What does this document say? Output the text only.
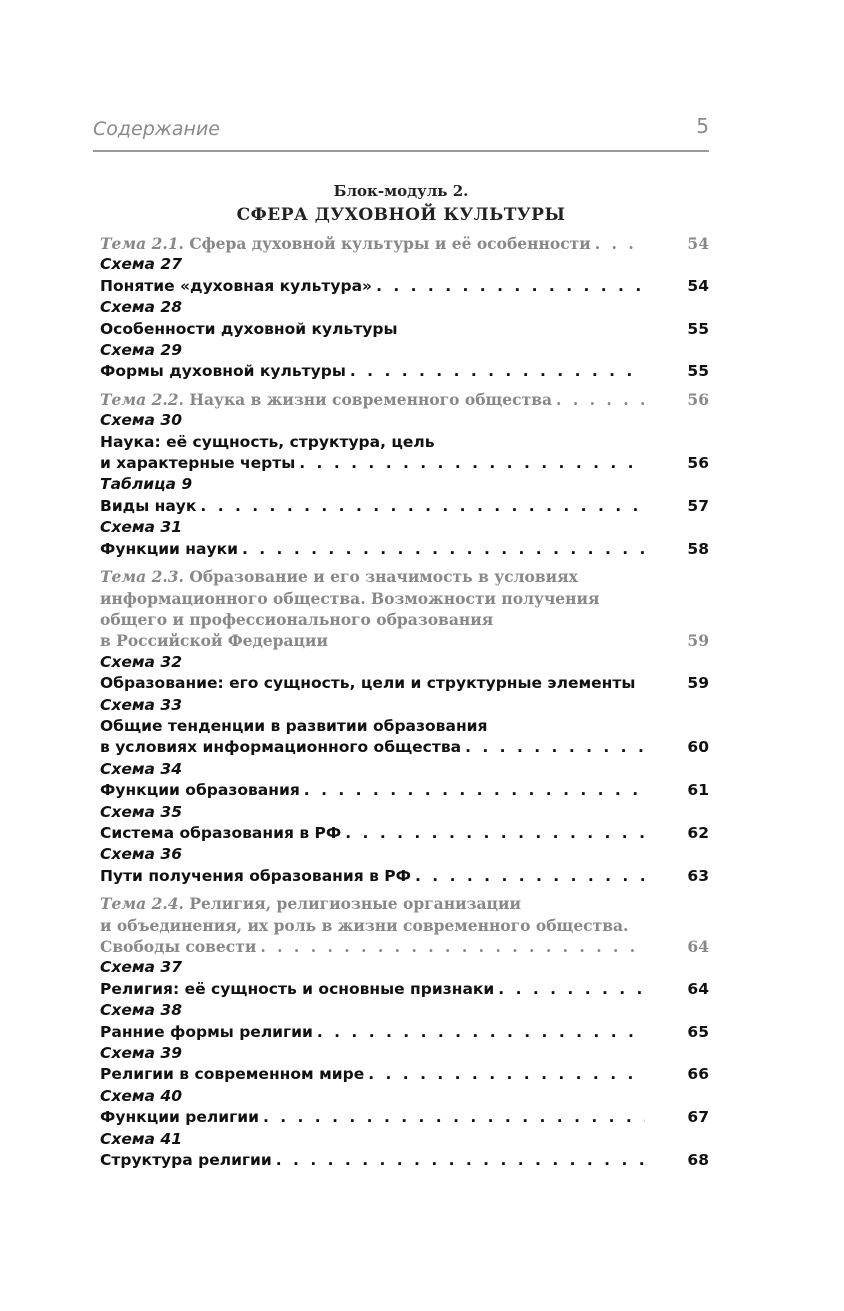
Содержание	5
Блок-модуль 2.
СФЕРА ДУХОВНОЙ КУЛЬТУРЫ
Тема 2.1. Сфера духовной культуры и её особенности . . .	54
Схема 27
Понятие «духовная культура» . . .	54
Схема 28
Особенности духовной культуры	55
Схема 29
Формы духовной культуры . . .	55
Тема 2.2. Наука в жизни современного общества . . .	56
Схема 30
Наука: её сущность, структура, цель
и характерные черты . . .	56
Таблица 9
Виды наук . . .	57
Схема 31
Функции науки . . .	58
Тема 2.3. Образование и его значимость в условиях
информационного общества. Возможности получения
общего и профессионального образования
в Российской Федерации	59
Схема 32
Образование: его сущность, цели и структурные элементы	59
Схема 33
Общие тенденции в развитии образования
в условиях информационного общества . . .	60
Схема 34
Функции образования . . .	61
Схема 35
Система образования в РФ . . .	62
Схема 36
Пути получения образования в РФ . . .	63
Тема 2.4. Религия, религиозные организации
и объединения, их роль в жизни современного общества.
Свободы совести . . .	64
Схема 37
Религия: её сущность и основные признаки . . .	64
Схема 38
Ранние формы религии . . .	65
Схема 39
Религии в современном мире . . .	66
Схема 40
Функции религии . . .	67
Схема 41
Структура религии . . .	68
